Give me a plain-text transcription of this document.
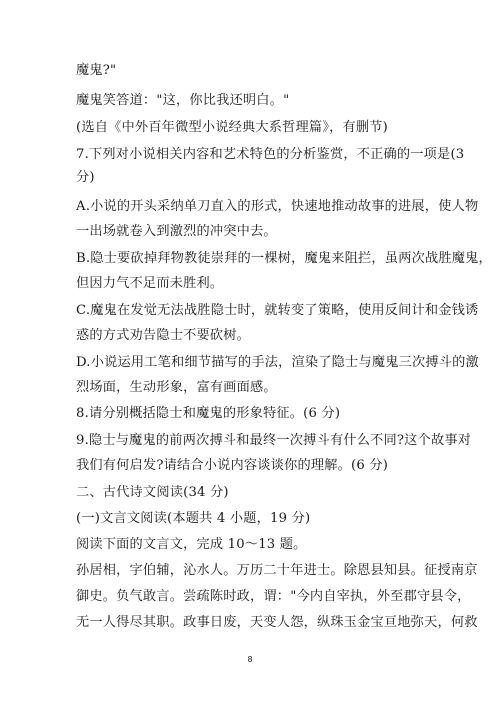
魔鬼?"
魔鬼笑答道："这，你比我还明白。"
(选自《中外百年微型小说经典大系哲理篇》，有删节)
7.下列对小说相关内容和艺术特色的分析鉴赏，不正确的一项是(3
分)
A.小说的开头采纳单刀直入的形式，快速地推动故事的进展，使人物
一出场就卷入到激烈的冲突中去。
B.隐士要砍掉拜物教徒崇拜的一棵树，魔鬼来阻拦，虽两次战胜魔鬼，
但因力气不足而未胜利。
C.魔鬼在发觉无法战胜隐士时，就转变了策略，使用反间计和金钱诱
惑的方式劝告隐士不要砍树。
D.小说运用工笔和细节描写的手法，渲染了隐士与魔鬼三次搏斗的激
烈场面，生动形象，富有画面感。
8.请分别概括隐士和魔鬼的形象特征。(6 分)
9.隐士与魔鬼的前两次搏斗和最终一次搏斗有什么不同?这个故事对
我们有何启发?请结合小说内容谈谈你的理解。(6 分)
二、古代诗文阅读(34 分)
(一)文言文阅读(本题共 4 小题，19 分)
阅读下面的文言文，完成 10～13 题。
孙居相，字伯辅，沁水人。万历二十年进士。除恩县知县。征授南京
御史。负气敢言。尝疏陈时政，谓："今内自宰执，外至郡守县令，
无一人得尽其职。政事日废，天变人怨，纵珠玉金宝亘地弥天，何救
8
